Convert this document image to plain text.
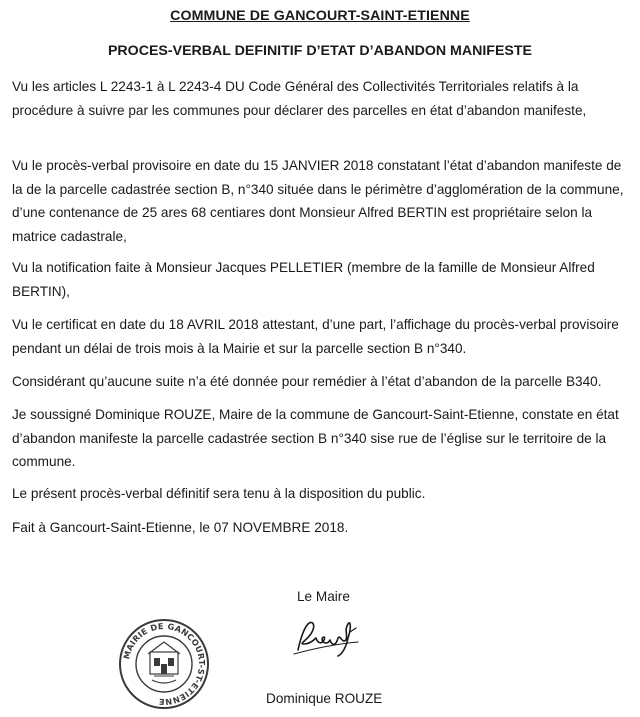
COMMUNE DE GANCOURT-SAINT-ETIENNE
PROCES-VERBAL DEFINITIF D’ETAT D’ABANDON MANIFESTE

Vu les articles L 2243-1 à L 2243-4 DU Code Général des Collectivités Territoriales relatifs à la procédure à suivre par les communes pour déclarer des parcelles en état d’abandon manifeste,

Vu le procès-verbal provisoire en date du 15 JANVIER 2018 constatant l’état d’abandon manifeste de la de la parcelle cadastrée section B, n°340 située dans le périmètre d’agglomération de la commune, d’une contenance de 25 ares 68 centiares dont Monsieur Alfred BERTIN est propriétaire selon la matrice cadastrale,

Vu la notification faite à Monsieur Jacques PELLETIER (membre de la famille de Monsieur Alfred BERTIN),

Vu le certificat en date du 18 AVRIL 2018 attestant, d’une part, l’affichage du procès-verbal provisoire pendant un délai de trois mois à la Mairie et sur la parcelle section B n°340.

Considérant qu’aucune suite n’a été donnée pour remédier à l’état d’abandon de la parcelle B340.

Je soussigné Dominique ROUZE, Maire de la commune de Gancourt-Saint-Etienne, constate en état d’abandon manifeste la parcelle cadastrée section B n°340 sise rue de l’église sur le territoire de la commune.

Le présent procès-verbal définitif sera tenu à la disposition du public.

Fait à Gancourt-Saint-Etienne, le 07 NOVEMBRE 2018.

Le Maire
Dominique ROUZE
MAIRIE DE GANCOURT-ST-ETIENNE
